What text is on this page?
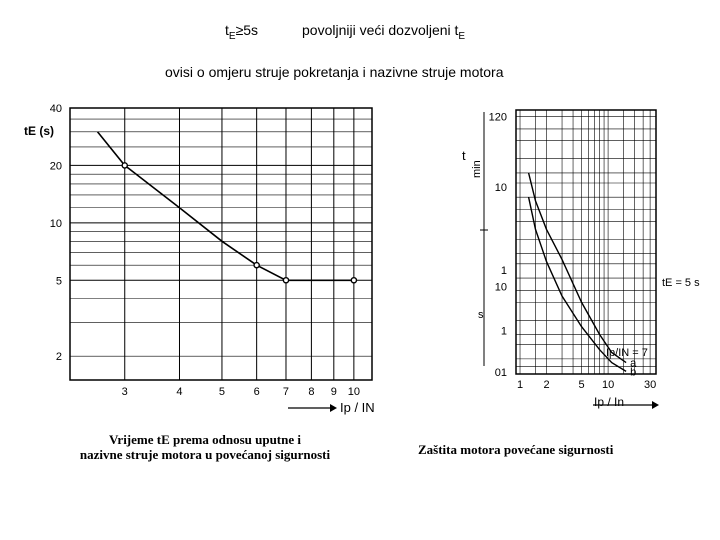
$t_E\ge 5s$	povoljniji veći dozvoljeni $t_E$
ovisi o omjeru struje pokretanja i nazivne struje motora
3	4	5	6 7 8 9 10
40
20
10
5
2
tE (s)
Ip / IN
1 2	5 10	30
120
10
1
10
1
01
a
b
t
min
s
Ip/IN = 7
tE = 5 s
Ip / In
Vrijeme tE prema odnosu uputne i
nazivne struje motora u povećanoj sigurnosti	Zaštita motora povećane sigurnosti
